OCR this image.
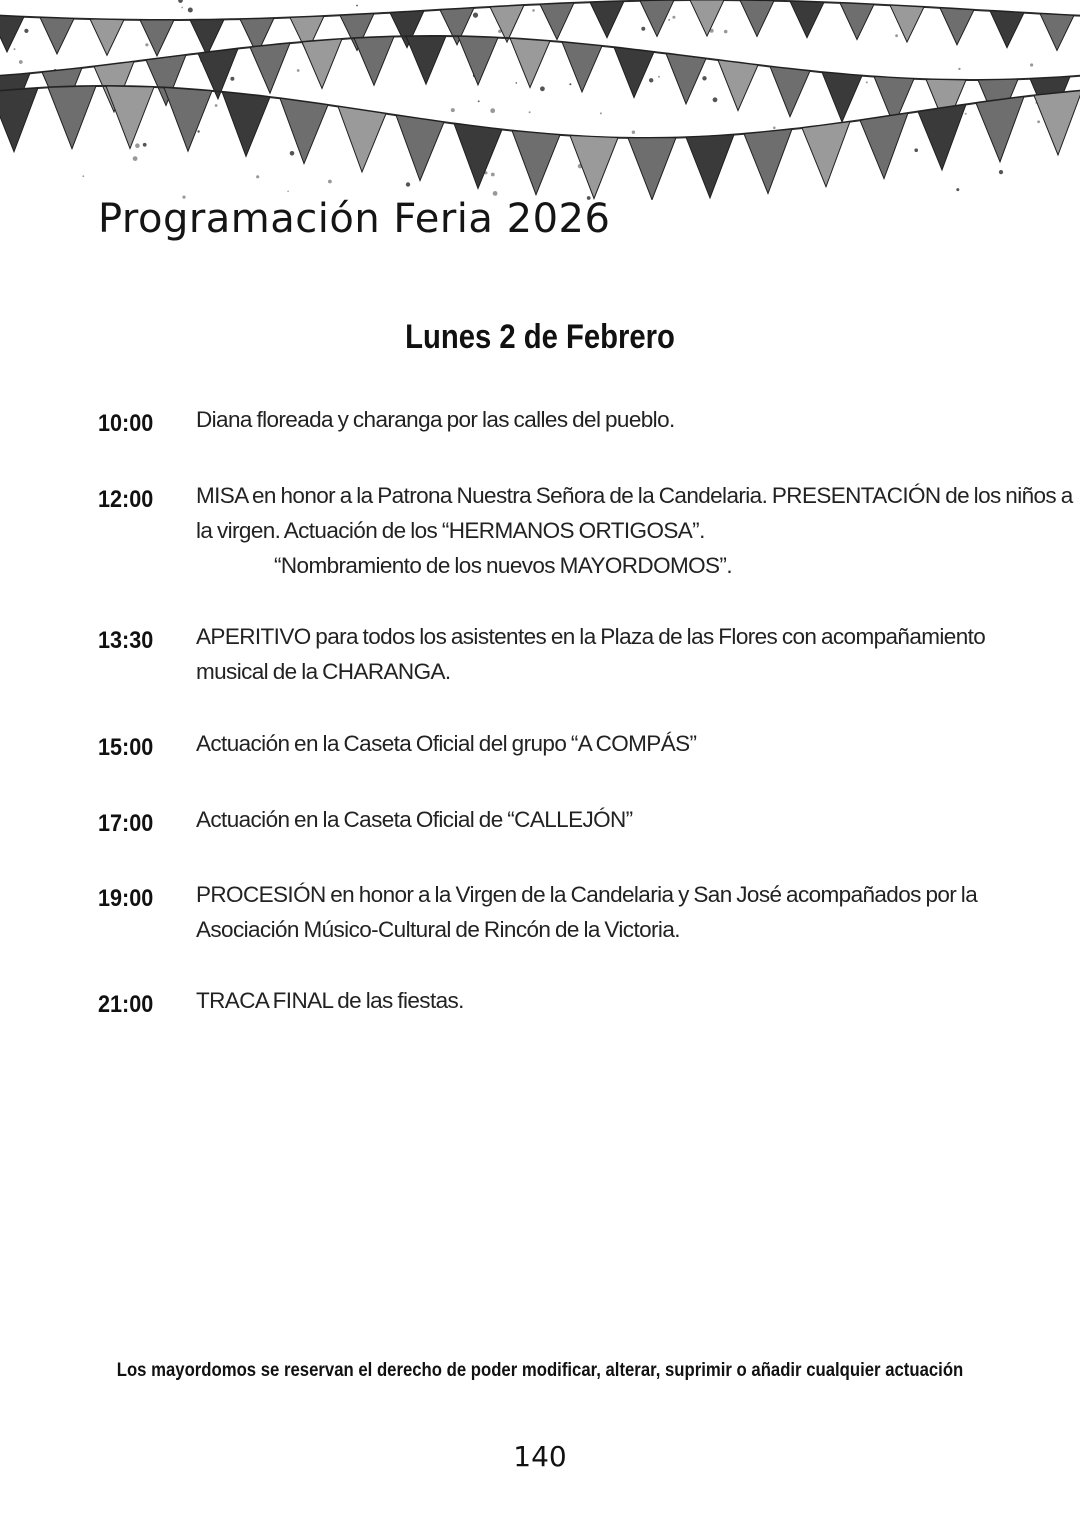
Programación Feria 2026
Lunes 2 de Febrero
10:00	Diana floreada y charanga por las calles del pueblo.
12:00	MISA en honor a la Patrona Nuestra Señora de la Candelaria. PRESENTACIÓN de los niños a
la virgen. Actuación de los “HERMANOS ORTIGOSA”.
“Nombramiento de los nuevos MAYORDOMOS”.
13:30	APERITIVO para todos los asistentes en la Plaza de las Flores con acompañamiento
musical de la CHARANGA.
15:00	Actuación en la Caseta Oficial del grupo “A COMPÁS”
17:00	Actuación en la Caseta Oficial de “CALLEJÓN”
19:00	PROCESIÓN en honor a la Virgen de la Candelaria y San José acompañados por la
Asociación Músico-Cultural de Rincón de la Victoria.
21:00	TRACA FINAL de las fiestas.
Los mayordomos se reservan el derecho de poder modificar, alterar, suprimir o añadir cualquier actuación
140
